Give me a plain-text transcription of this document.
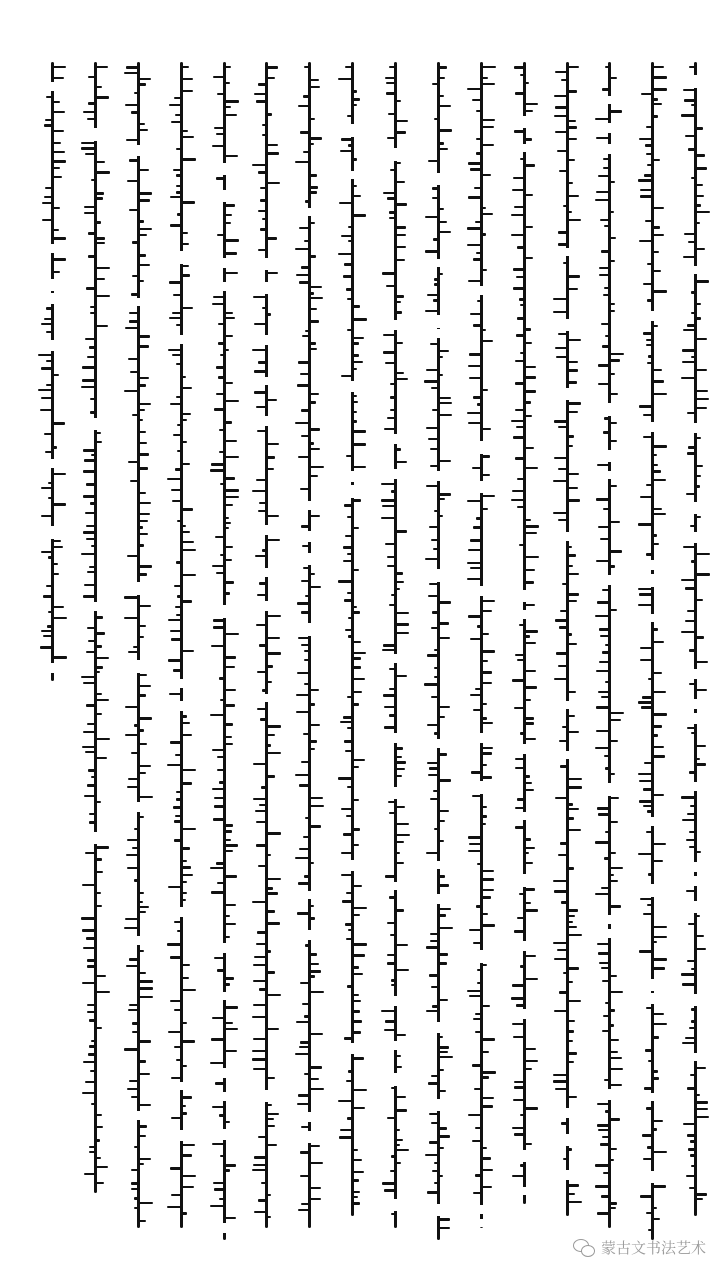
蒙古文书法艺术
